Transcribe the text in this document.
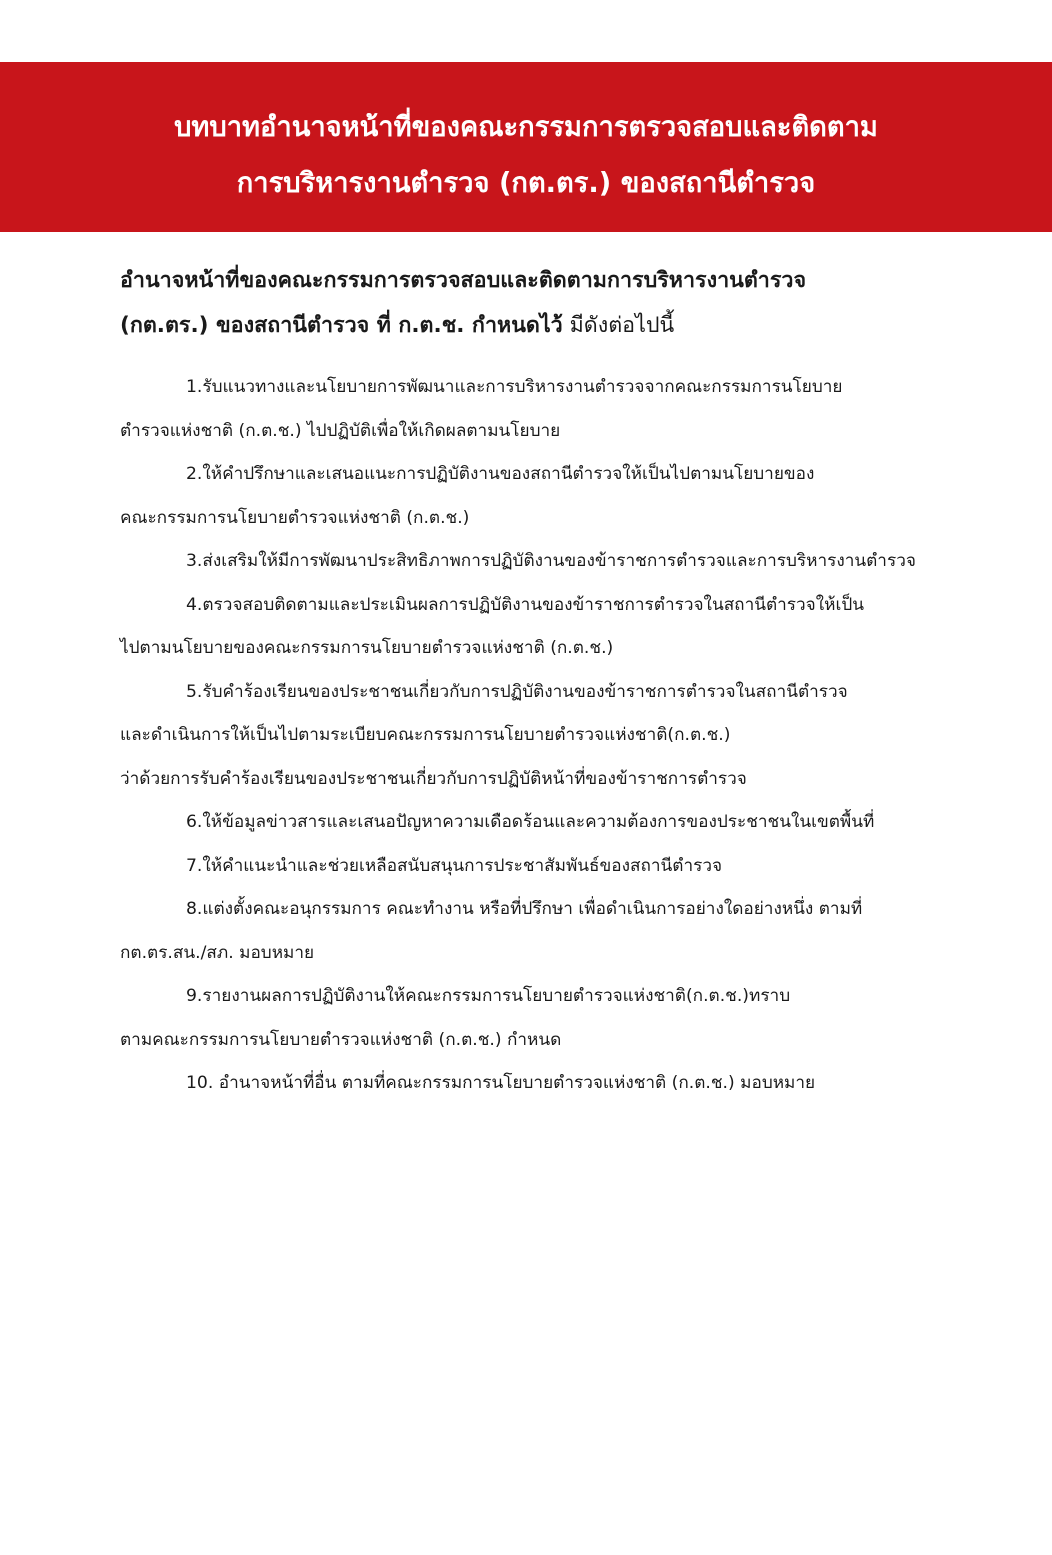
บทบาทอำนาจหน้าที่ของคณะกรรมการตรวจสอบและติดตาม
การบริหารงานตำรวจ (กต.ตร.) ของสถานีตำรวจ
อำนาจหน้าที่ของคณะกรรมการตรวจสอบและติดตามการบริหารงานตำรวจ
(กต.ตร.) ของสถานีตำรวจ ที่ ก.ต.ช. กำหนดไว้ มีดังต่อไปนี้
1.รับแนวทางและนโยบายการพัฒนาและการบริหารงานตำรวจจากคณะกรรมการนโยบาย
ตำรวจแห่งชาติ (ก.ต.ช.) ไปปฏิบัติเพื่อให้เกิดผลตามนโยบาย
2.ให้คำปรึกษาและเสนอแนะการปฏิบัติงานของสถานีตำรวจให้เป็นไปตามนโยบายของ
คณะกรรมการนโยบายตำรวจแห่งชาติ (ก.ต.ช.)
3.ส่งเสริมให้มีการพัฒนาประสิทธิภาพการปฏิบัติงานของข้าราชการตำรวจและการบริหารงานตำรวจ
4.ตรวจสอบติดตามและประเมินผลการปฏิบัติงานของข้าราชการตำรวจในสถานีตำรวจให้เป็น
ไปตามนโยบายของคณะกรรมการนโยบายตำรวจแห่งชาติ (ก.ต.ช.)
5.รับคำร้องเรียนของประชาชนเกี่ยวกับการปฏิบัติงานของข้าราชการตำรวจในสถานีตำรวจ
และดำเนินการให้เป็นไปตามระเบียบคณะกรรมการนโยบายตำรวจแห่งชาติ(ก.ต.ช.)
ว่าด้วยการรับคำร้องเรียนของประชาชนเกี่ยวกับการปฏิบัติหน้าที่ของข้าราชการตำรวจ
6.ให้ข้อมูลข่าวสารและเสนอปัญหาความเดือดร้อนและความต้องการของประชาชนในเขตพื้นที่
7.ให้คำแนะนำและช่วยเหลือสนับสนุนการประชาสัมพันธ์ของสถานีตำรวจ
8.แต่งตั้งคณะอนุกรรมการ คณะทำงาน หรือที่ปรึกษา เพื่อดำเนินการอย่างใดอย่างหนึ่ง ตามที่
กต.ตร.สน./สภ. มอบหมาย
9.รายงานผลการปฏิบัติงานให้คณะกรรมการนโยบายตำรวจแห่งชาติ(ก.ต.ช.)ทราบ
ตามคณะกรรมการนโยบายตำรวจแห่งชาติ (ก.ต.ช.) กำหนด
10. อำนาจหน้าที่อื่น ตามที่คณะกรรมการนโยบายตำรวจแห่งชาติ (ก.ต.ช.) มอบหมาย
